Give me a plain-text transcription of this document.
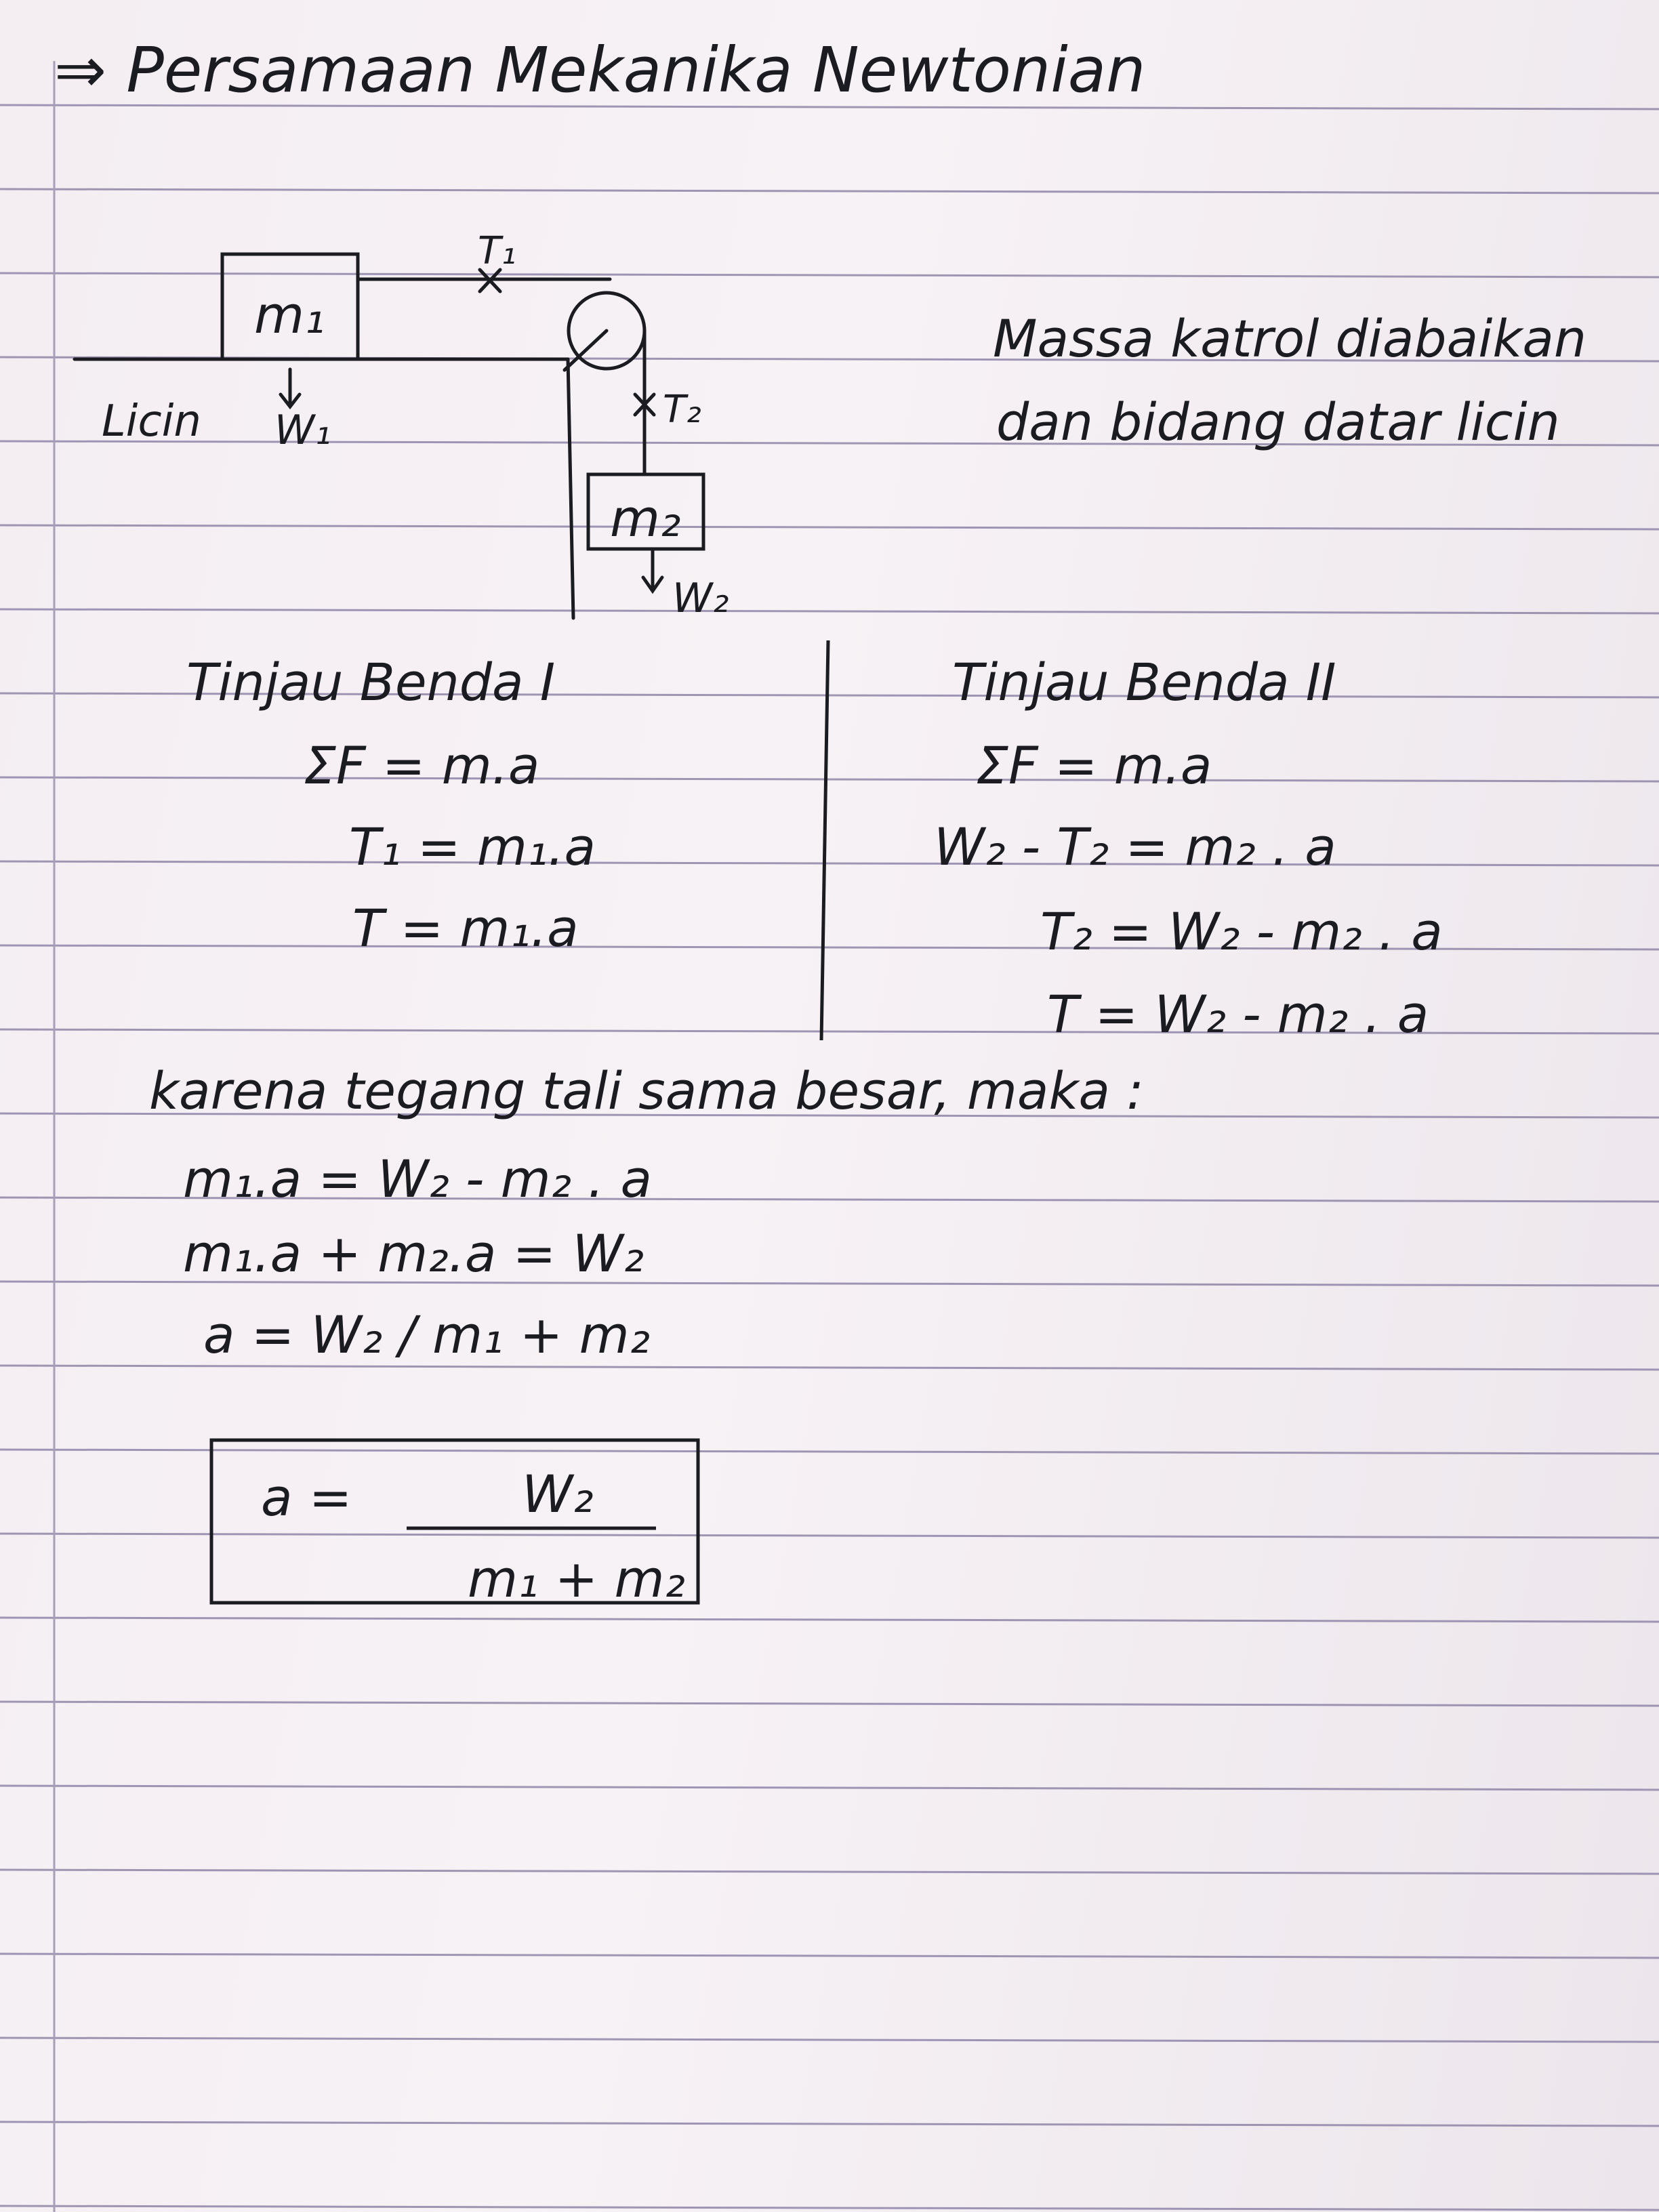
⇒ Persamaan Mekanika Newtonian
T₁
m₁
Licin W₁	T₂
m₂
W₂
Massa katrol diabaikan
dan bidang datar licin
Tinjau Benda I
ΣF = m.a
T₁ = m₁.a
T = m₁.a
Tinjau Benda II
ΣF = m.a
W₂ - T₂ = m₂ . a
T₂ = W₂ - m₂ . a
T = W₂ - m₂ . a
karena tegang tali sama besar, maka :
m₁.a = W₂ - m₂ . a
m₁.a + m₂.a = W₂
a = W₂ / m₁ + m₂
a =	W₂
m₁ + m₂
